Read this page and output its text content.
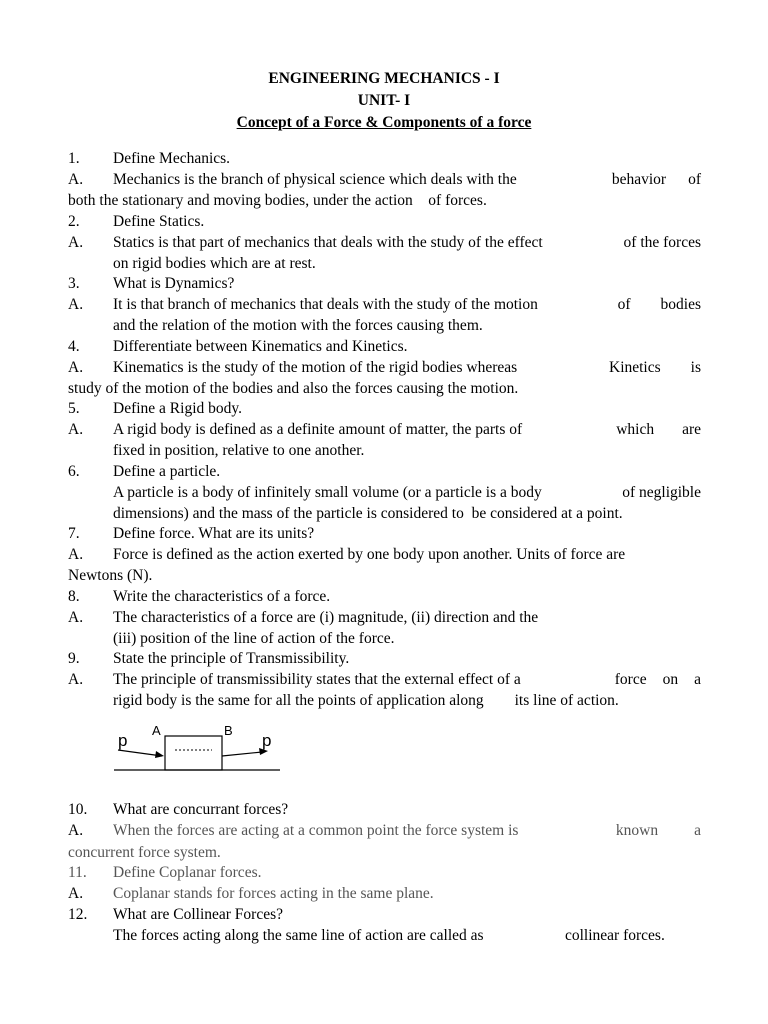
ENGINEERING MECHANICS - I
UNIT- I
Concept of a Force & Components of a force
1. Define Mechanics.
A. Mechanics is the branch of physical science which deals with the	behavior of
both the stationary and moving bodies, under the action    of forces.
2. Define Statics.
A. Statics is that part of mechanics that deals with the study of the effect	of the forces
on rigid bodies which are at rest.
3. What is Dynamics?
A. It is that branch of mechanics that deals with the study of the motion	of bodies
and the relation of the motion with the forces causing them.
4. Differentiate between Kinematics and Kinetics.
A. Kinematics is the study of the motion of the rigid bodies whereas	Kinetics is
study of the motion of the bodies and also the forces causing the motion.
5. Define a Rigid body.
A. A rigid body is defined as a definite amount of matter, the parts of	which are
fixed in position, relative to one another.
6. Define a particle.
A particle is a body of infinitely small volume (or a particle is a body	of negligible
dimensions) and the mass of the particle is considered to  be considered at a point.
7. Define force. What are its units?
A. Force is defined as the action exerted by one body upon another. Units of force are
Newtons (N).
8. Write the characteristics of a force.
A. The characteristics of a force are (i) magnitude, (ii) direction and the
(iii) position of the line of action of the force.
9. State the principle of Transmissibility.
A. The principle of transmissibility states that the external effect of a	force on a
rigid body is the same for all the points of application along        its line of action.
p
A	B
p
10. What are concurrant forces?
A. When the forces are acting at a common point the force system is	known a
concurrent force system.
11. Define Coplanar forces.
A. Coplanar stands for forces acting in the same plane.
12. What are Collinear Forces?
The forces acting along the same line of action are called as	collinear forces.
